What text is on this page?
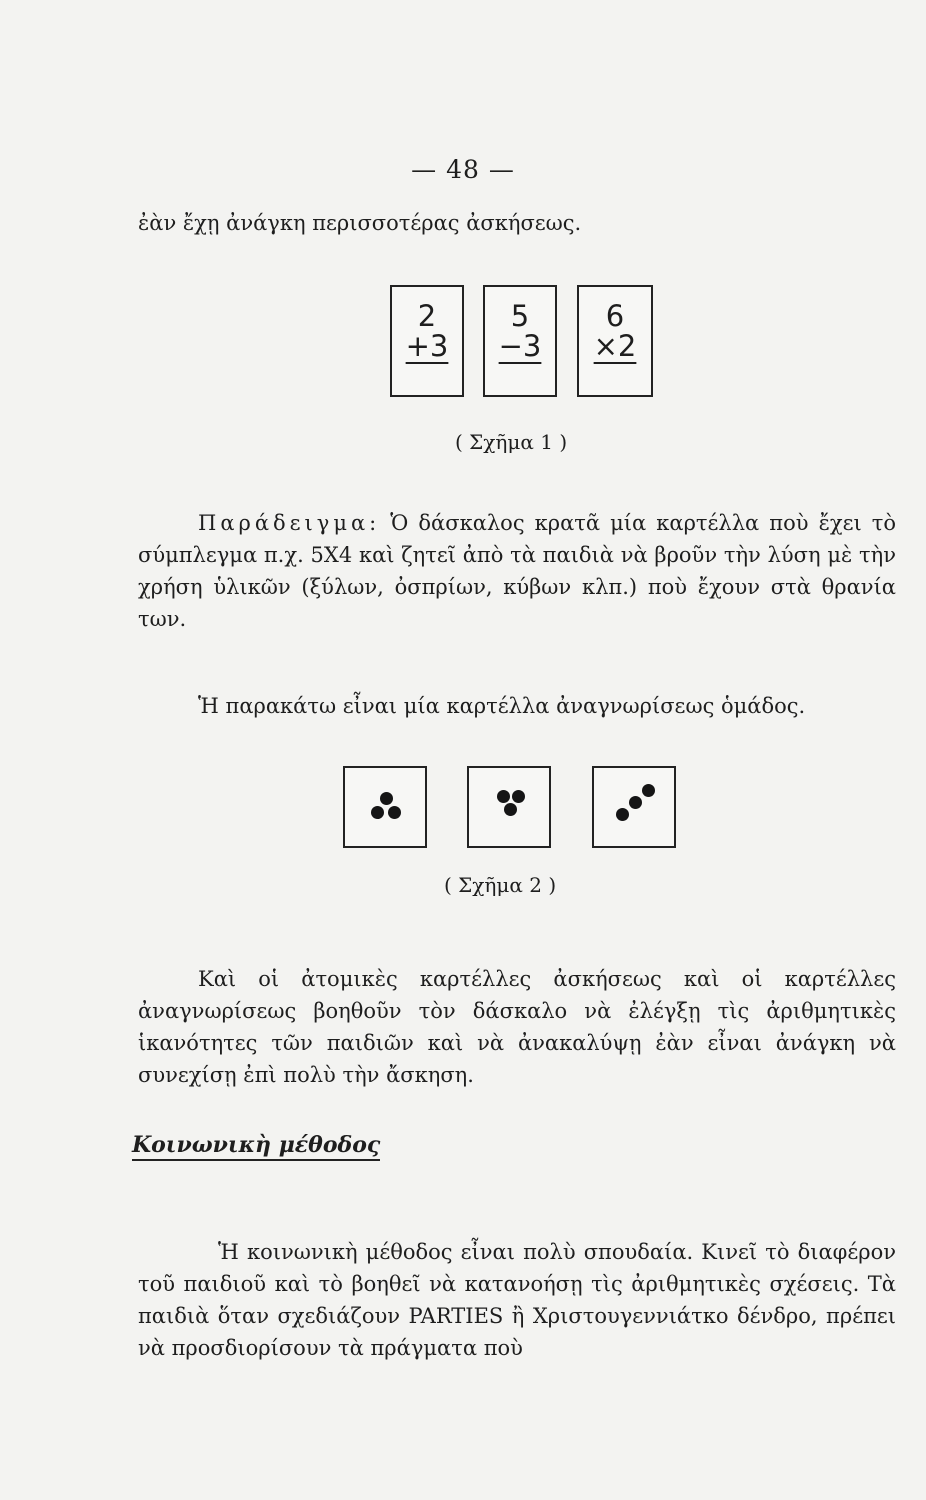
— 48 —

ἐὰν ἔχῃ ἀνάγκη περισσοτέρας ἀσκήσεως.

2
+3
5
−3
6
×2
( Σχῆμα 1 )

Παράδειγμα: Ὁ δάσκαλος κρατᾶ μία καρτέλλα ποὺ ἔχει τὸ σύμπλεγμα π.χ. 5Χ4 καὶ ζητεῖ ἀπὸ τὰ παιδιὰ νὰ βροῦν τὴν λύση μὲ τὴν χρήση ὑλικῶν (ξύλων, ὀσπρίων, κύβων κλπ.) ποὺ ἔχουν στὰ θρανία των.

Ἡ παρακάτω εἶναι μία καρτέλλα ἀναγνωρίσεως ὁμάδος.

( Σχῆμα 2 )

Καὶ οἱ ἀτομικὲς καρτέλλες ἀσκήσεως καὶ οἱ καρτέλλες ἀναγνωρίσεως βοηθοῦν τὸν δάσκαλο νὰ ἐλέγξῃ τὶς ἀριθμητικὲς ἱκανότητες τῶν παιδιῶν καὶ νὰ ἀνακαλύψῃ ἐὰν εἶναι ἀνάγκη νὰ συνεχίσῃ ἐπὶ πολὺ τὴν ἄσκηση.

Κοινωνικὴ μέθοδος

Ἡ κοινωνικὴ μέθοδος εἶναι πολὺ σπουδαία. Κινεῖ τὸ διαφέρον τοῦ παιδιοῦ καὶ τὸ βοηθεῖ νὰ κατανοήσῃ τὶς ἀριθμητικὲς σχέσεις. Τὰ παιδιὰ ὅταν σχεδιάζουν PARTIES ἢ Χριστουγεννιάτκο δένδρο, πρέπει νὰ προσδιορίσουν τὰ πράγματα ποὺ
